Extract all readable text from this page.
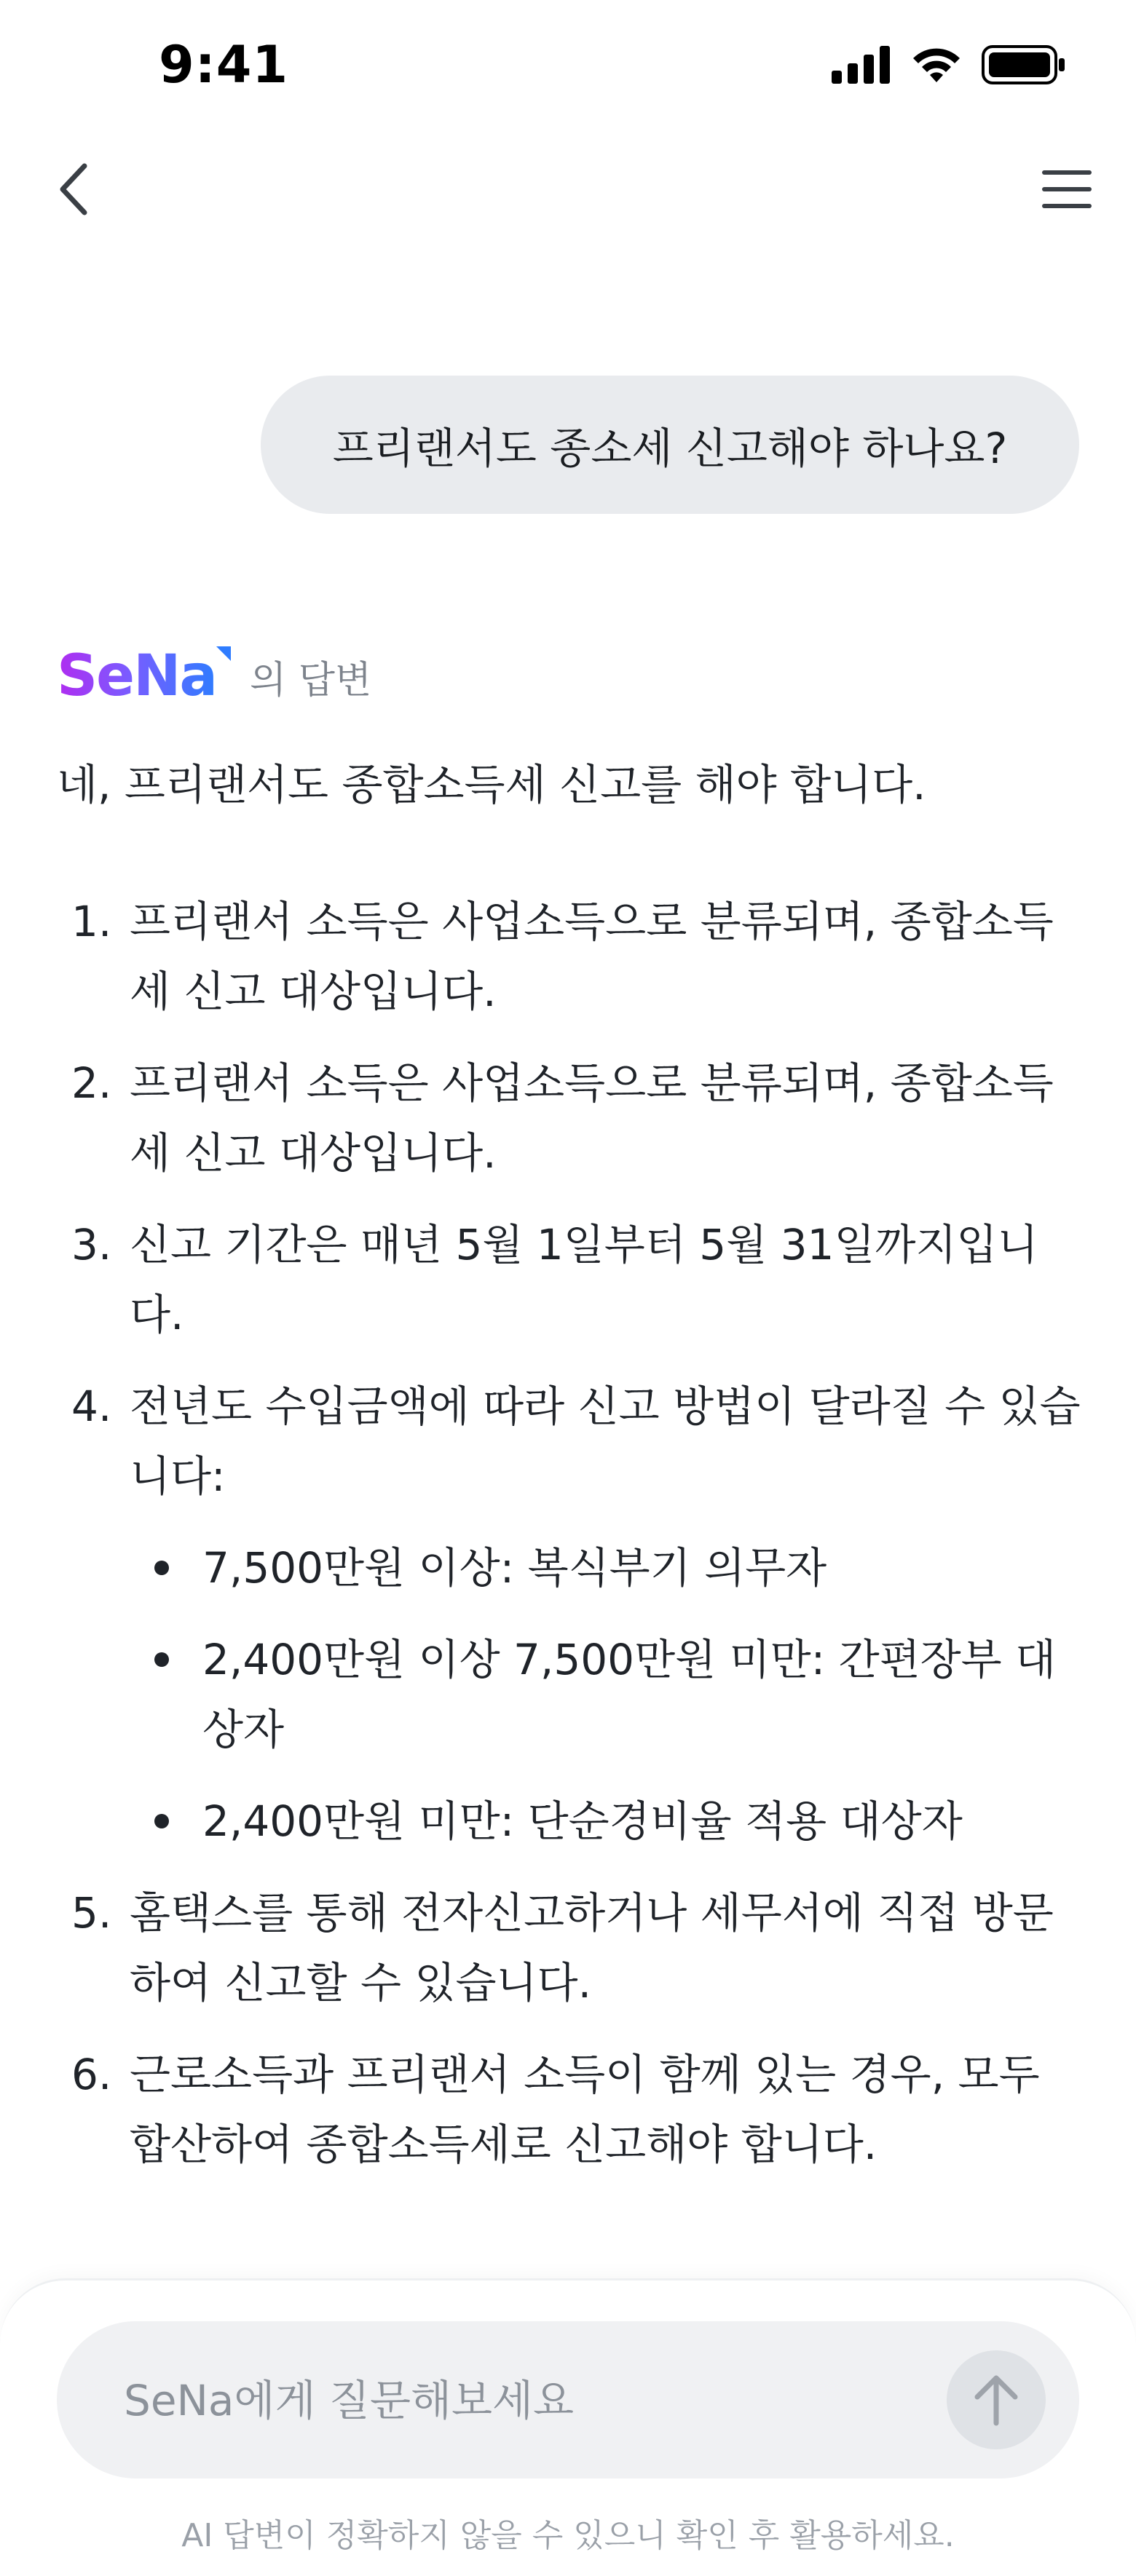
9:41
프리랜서도 종소세 신고해야 하나요?
SeNa 의 답변

네, 프리랜서도 종합소득세 신고를 해야 합니다.

1. 프리랜서 소득은 사업소득으로 분류되며, 종합소득세 신고 대상입니다.
2. 프리랜서 소득은 사업소득으로 분류되며, 종합소득세 신고 대상입니다.
3. 신고 기간은 매년 5월 1일부터 5월 31일까지입니다.
4. 전년도 수입금액에 따라 신고 방법이 달라질 수 있습니다:
7,500만원 이상: 복식부기 의무자
2,400만원 이상 7,500만원 미만: 간편장부 대상자
2,400만원 미만: 단순경비율 적용 대상자
5. 홈택스를 통해 전자신고하거나 세무서에 직접 방문하여 신고할 수 있습니다.
6. 근로소득과 프리랜서 소득이 함께 있는 경우, 모두 합산하여 종합소득세로 신고해야 합니다.
SeNa에게 질문해보세요
AI 답변이 정확하지 않을 수 있으니 확인 후 활용하세요.
